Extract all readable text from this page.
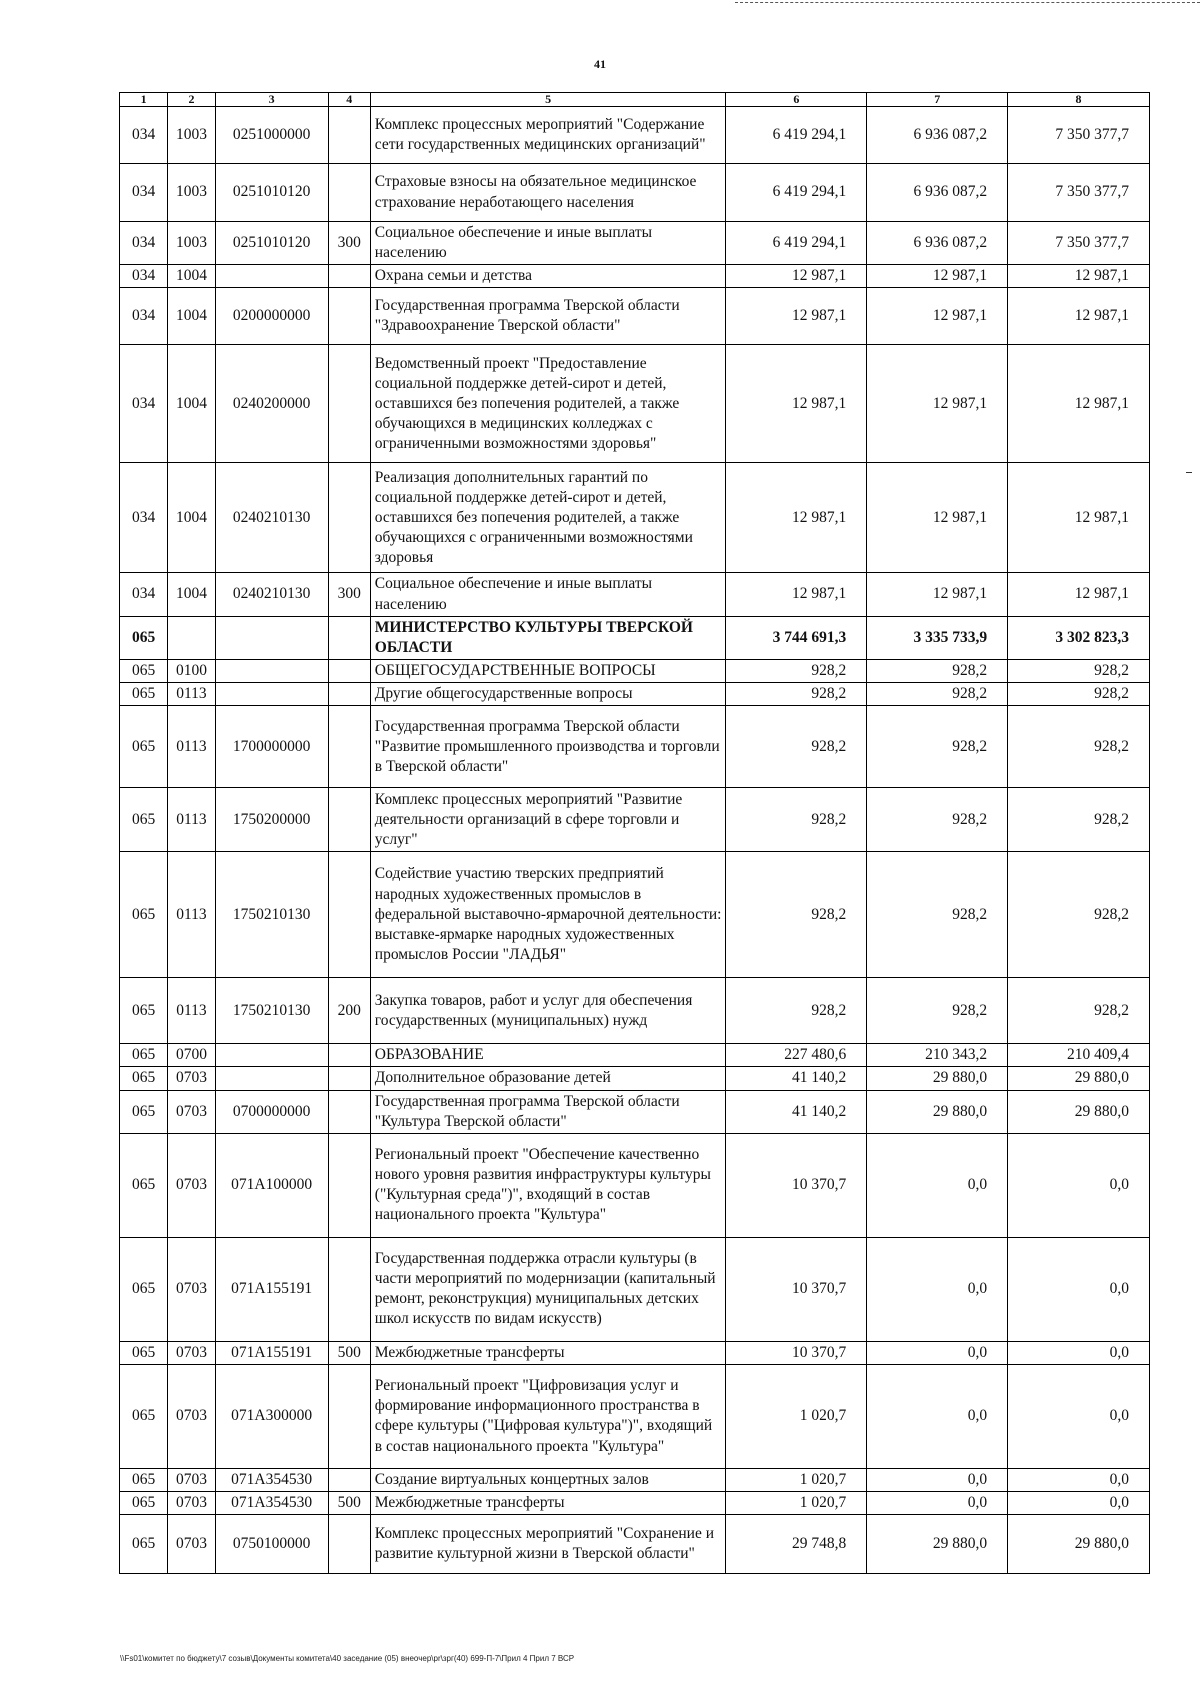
41
1	2	3	4	5	6	7	8
034	1003	0251000000		Комплекс процессных мероприятий "Содержание сети государственных медицинских организаций"	6 419 294,1	6 936 087,2	7 350 377,7
034	1003	0251010120		Страховые взносы на обязательное медицинское страхование неработающего населения	6 419 294,1	6 936 087,2	7 350 377,7
034	1003	0251010120	300	Социальное обеспечение и иные выплаты населению	6 419 294,1	6 936 087,2	7 350 377,7
034	1004			Охрана семьи и детства	12 987,1	12 987,1	12 987,1
034	1004	0200000000		Государственная программа Тверской области "Здравоохранение Тверской области"	12 987,1	12 987,1	12 987,1
034	1004	0240200000		Ведомственный проект "Предоставление социальной поддержке детей-сирот и детей, оставшихся без попечения родителей, а также обучающихся в медицинских колледжах с ограниченными возможностями здоровья"	12 987,1	12 987,1	12 987,1
034	1004	0240210130		Реализация дополнительных гарантий по социальной поддержке детей-сирот и детей, оставшихся без попечения родителей, а также обучающихся с ограниченными возможностями здоровья	12 987,1	12 987,1	12 987,1
034	1004	0240210130	300	Социальное обеспечение и иные выплаты населению	12 987,1	12 987,1	12 987,1
065				МИНИСТЕРСТВО КУЛЬТУРЫ ТВЕРСКОЙ ОБЛАСТИ	3 744 691,3	3 335 733,9	3 302 823,3
065	0100			ОБЩЕГОСУДАРСТВЕННЫЕ ВОПРОСЫ	928,2	928,2	928,2
065	0113			Другие общегосударственные вопросы	928,2	928,2	928,2
065	0113	1700000000		Государственная программа Тверской области "Развитие промышленного производства и торговли в Тверской области"	928,2	928,2	928,2
065	0113	1750200000		Комплекс процессных мероприятий "Развитие деятельности организаций в сфере торговли и услуг"	928,2	928,2	928,2
065	0113	1750210130		Содействие участию тверских предприятий народных художественных промыслов в федеральной выставочно-ярмарочной деятельности: выставке-ярмарке народных художественных промыслов России "ЛАДЬЯ"	928,2	928,2	928,2
065	0113	1750210130	200	Закупка товаров, работ и услуг для обеспечения государственных (муниципальных) нужд	928,2	928,2	928,2
065	0700			ОБРАЗОВАНИЕ	227 480,6	210 343,2	210 409,4
065	0703			Дополнительное образование детей	41 140,2	29 880,0	29 880,0
065	0703	0700000000		Государственная программа Тверской области "Культура Тверской области"	41 140,2	29 880,0	29 880,0
065	0703	071A100000		Региональный проект "Обеспечение качественно нового уровня развития инфраструктуры культуры ("Культурная среда")", входящий в состав национального проекта "Культура"	10 370,7	0,0	0,0
065	0703	071A155191		Государственная поддержка отрасли культуры (в части мероприятий по модернизации (капитальный ремонт, реконструкция) муниципальных детских школ искусств по видам искусств)	10 370,7	0,0	0,0
065	0703	071A155191	500	Межбюджетные трансферты	10 370,7	0,0	0,0
065	0703	071A300000		Региональный проект "Цифровизация услуг и формирование информационного пространства в сфере культуры ("Цифровая культура")", входящий в состав национального проекта "Культура"	1 020,7	0,0	0,0
065	0703	071A354530		Создание виртуальных концертных залов	1 020,7	0,0	0,0
065	0703	071A354530	500	Межбюджетные трансферты	1 020,7	0,0	0,0
065	0703	0750100000		Комплекс процессных мероприятий "Сохранение и развитие культурной жизни в Тверской области"	29 748,8	29 880,0	29 880,0
\\Fs01\комитет по бюджету\7 созыв\Документы комитета\40 заседание (05) внеочер\pr\зрг(40) 699-П-7\Прил 4 Прил 7 ВСР
